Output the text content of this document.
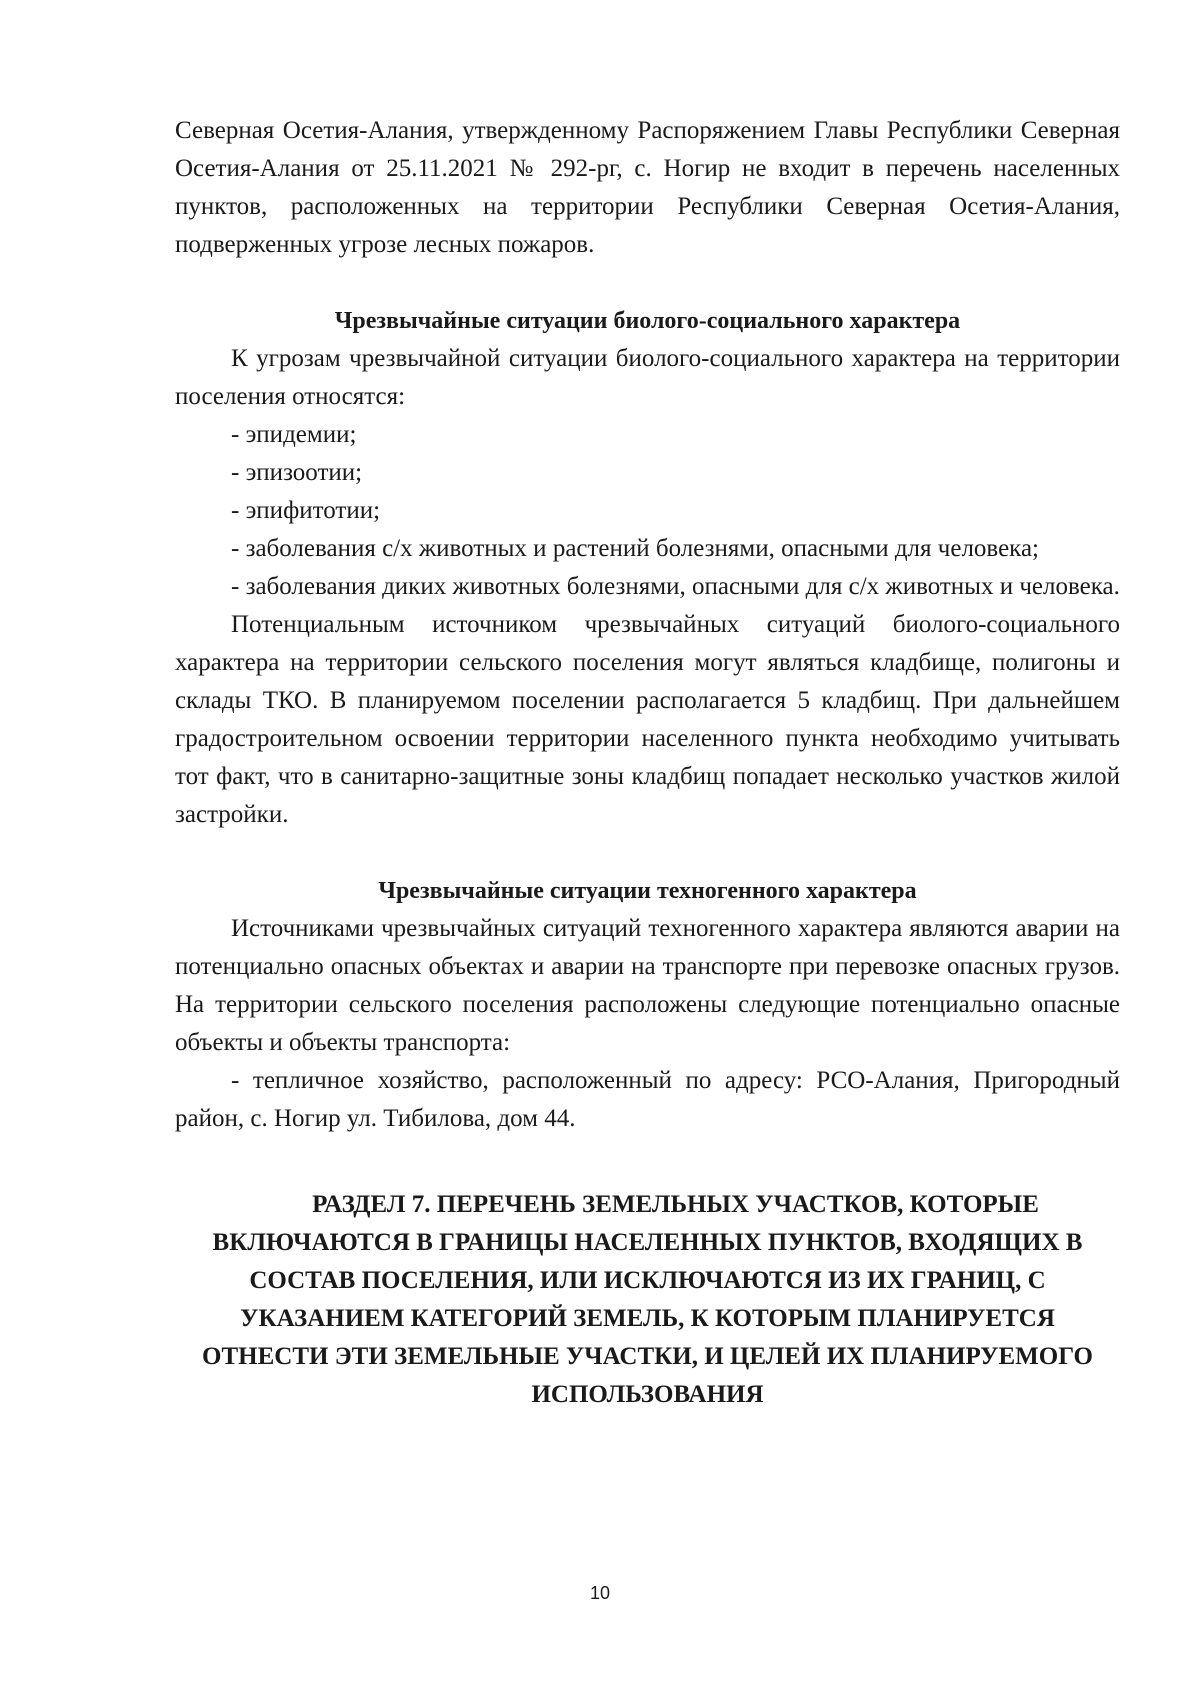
Северная Осетия-Алания, утвержденному Распоряжением Главы Республики Северная Осетия-Алания от 25.11.2021 № 292-рг, с. Ногир не входит в перечень населенных пунктов, расположенных на территории Республики Северная Осетия-Алания, подверженных угрозе лесных пожаров.

Чрезвычайные ситуации биолого-социального характера

К угрозам чрезвычайной ситуации биолого-социального характера на территории поселения относятся:

- эпидемии;

- эпизоотии;

- эпифитотии;

- заболевания с/х животных и растений болезнями, опасными для человека;

- заболевания диких животных болезнями, опасными для с/х животных и человека.

Потенциальным источником чрезвычайных ситуаций биолого-социального характера на территории сельского поселения могут являться кладбище, полигоны и склады ТКО. В планируемом поселении располагается 5 кладбищ. При дальнейшем градостроительном освоении территории населенного пункта необходимо учитывать тот факт, что в санитарно-защитные зоны кладбищ попадает несколько участков жилой застройки.

Чрезвычайные ситуации техногенного характера

Источниками чрезвычайных ситуаций техногенного характера являются аварии на потенциально опасных объектах и аварии на транспорте при перевозке опасных грузов. На территории сельского поселения расположены следующие потенциально опасные объекты и объекты транспорта:

- тепличное хозяйство, расположенный по адресу: РСО-Алания, Пригородный район, с. Ногир ул. Тибилова, дом 44.

РАЗДЕЛ 7. ПЕРЕЧЕНЬ ЗЕМЕЛЬНЫХ УЧАСТКОВ, КОТОРЫЕ ВКЛЮЧАЮТСЯ В ГРАНИЦЫ НАСЕЛЕННЫХ ПУНКТОВ, ВХОДЯЩИХ В СОСТАВ ПОСЕЛЕНИЯ, ИЛИ ИСКЛЮЧАЮТСЯ ИЗ ИХ ГРАНИЦ, С УКАЗАНИЕМ КАТЕГОРИЙ ЗЕМЕЛЬ, К КОТОРЫМ ПЛАНИРУЕТСЯ ОТНЕСТИ ЭТИ ЗЕМЕЛЬНЫЕ УЧАСТКИ, И ЦЕЛЕЙ ИХ ПЛАНИРУЕМОГО ИСПОЛЬЗОВАНИЯ
10
